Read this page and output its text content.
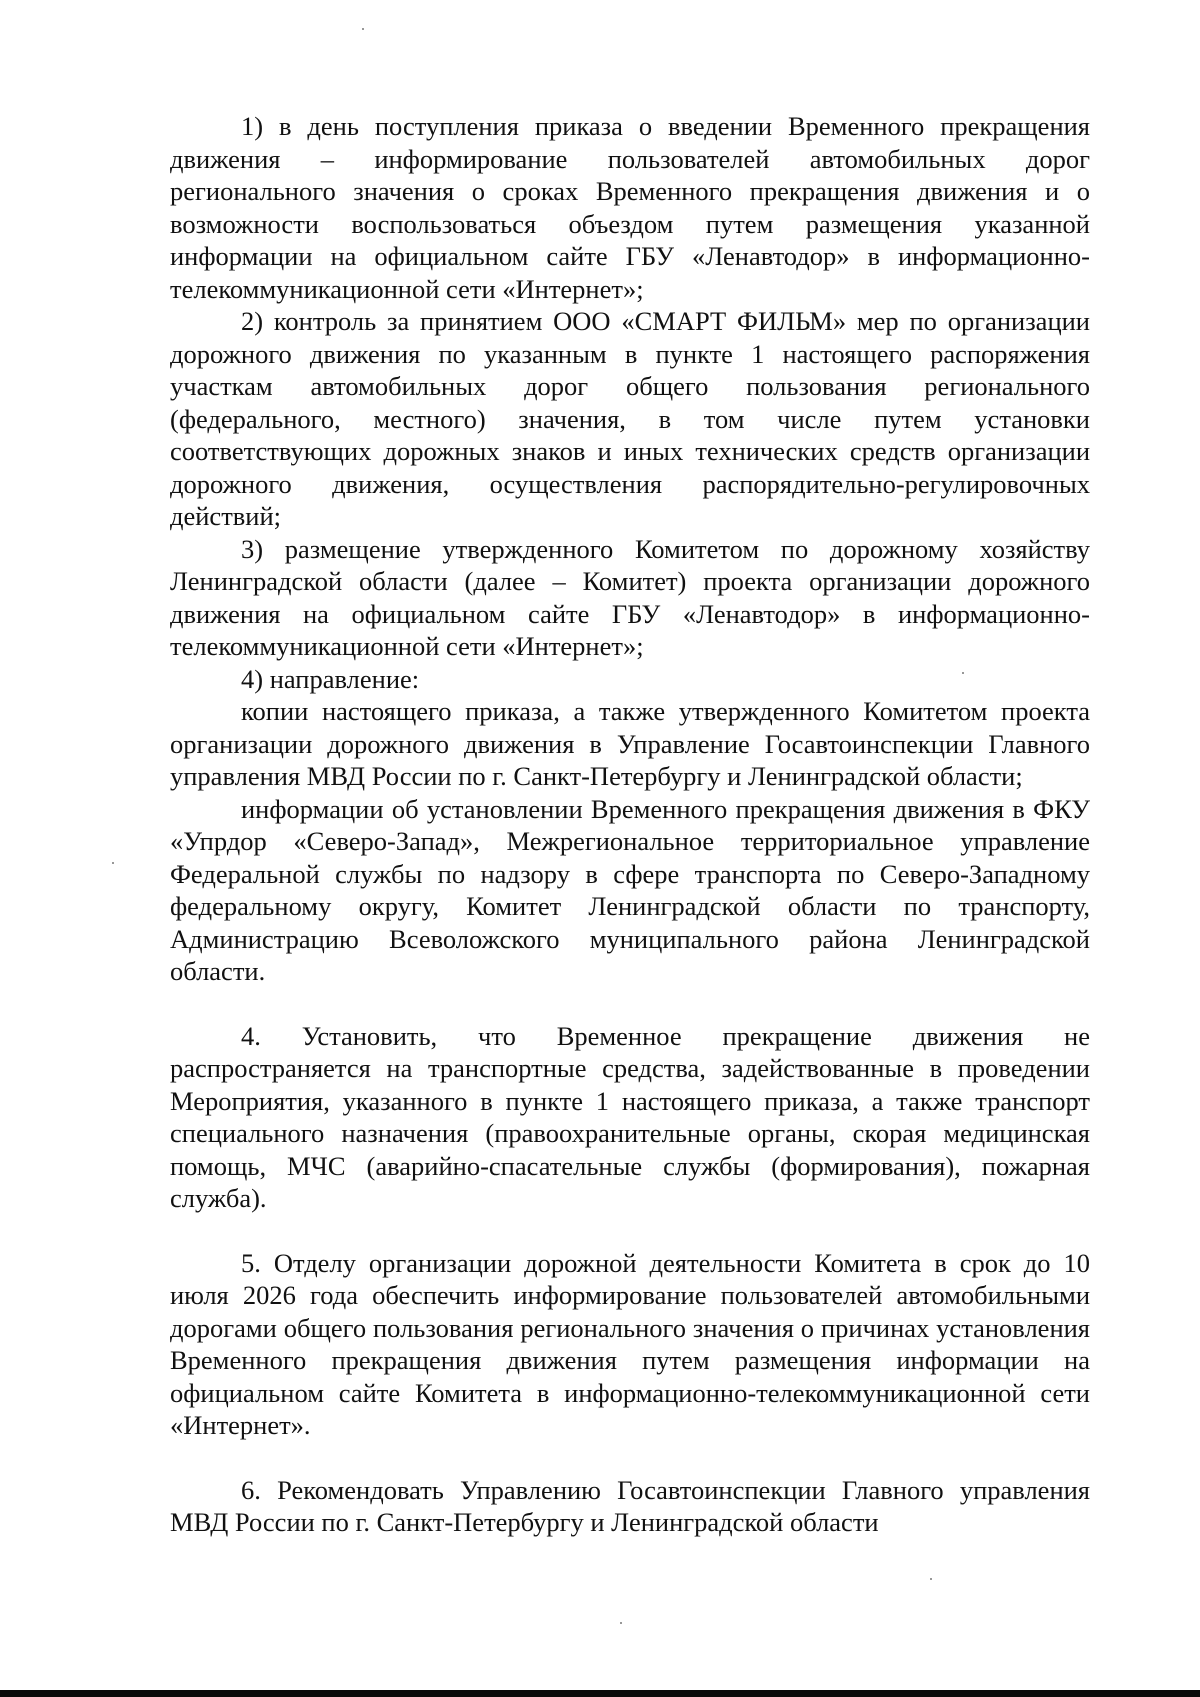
1) в день поступления приказа о введении Временного прекращения движения – информирование пользователей автомобильных дорог регионального значения о сроках Временного прекращения движения и о возможности воспользоваться объездом путем размещения указанной информации на официальном сайте ГБУ «Ленавтодор» в информационно-телекоммуникационной сети «Интернет»;

2) контроль за принятием ООО «СМАРТ ФИЛЬМ» мер по организации дорожного движения по указанным в пункте 1 настоящего распоряжения участкам автомобильных дорог общего пользования регионального (федерального, местного) значения, в том числе путем установки соответствующих дорожных знаков и иных технических средств организации дорожного движения, осуществления распорядительно-регулировочных действий;

3) размещение утвержденного Комитетом по дорожному хозяйству Ленинградской области (далее – Комитет) проекта организации дорожного движения на официальном сайте ГБУ «Ленавтодор» в информационно-телекоммуникационной сети «Интернет»;

4) направление:

копии настоящего приказа, а также утвержденного Комитетом проекта организации дорожного движения в Управление Госавтоинспекции Главного управления МВД России по г. Санкт-Петербургу и Ленинградской области;

информации об установлении Временного прекращения движения в ФКУ «Упрдор «Северо-Запад», Межрегиональное территориальное управление Федеральной службы по надзору в сфере транспорта по Северо-Западному федеральному округу, Комитет Ленинградской области по транспорту, Администрацию Всеволожского муниципального района Ленинградской области.

4. Установить, что Временное прекращение движения не распространяется на транспортные средства, задействованные в проведении Мероприятия, указанного в пункте 1 настоящего приказа, а также транспорт специального назначения (правоохранительные органы, скорая медицинская помощь, МЧС (аварийно-спасательные службы (формирования), пожарная служба).

5. Отделу организации дорожной деятельности Комитета в срок до 10 июля 2026 года обеспечить информирование пользователей автомобильными дорогами общего пользования регионального значения о причинах установления Временного прекращения движения путем размещения информации на официальном сайте Комитета в информационно-телекоммуникационной сети «Интернет».

6. Рекомендовать Управлению Госавтоинспекции Главного управления МВД России по г. Санкт-Петербургу и Ленинградской области
